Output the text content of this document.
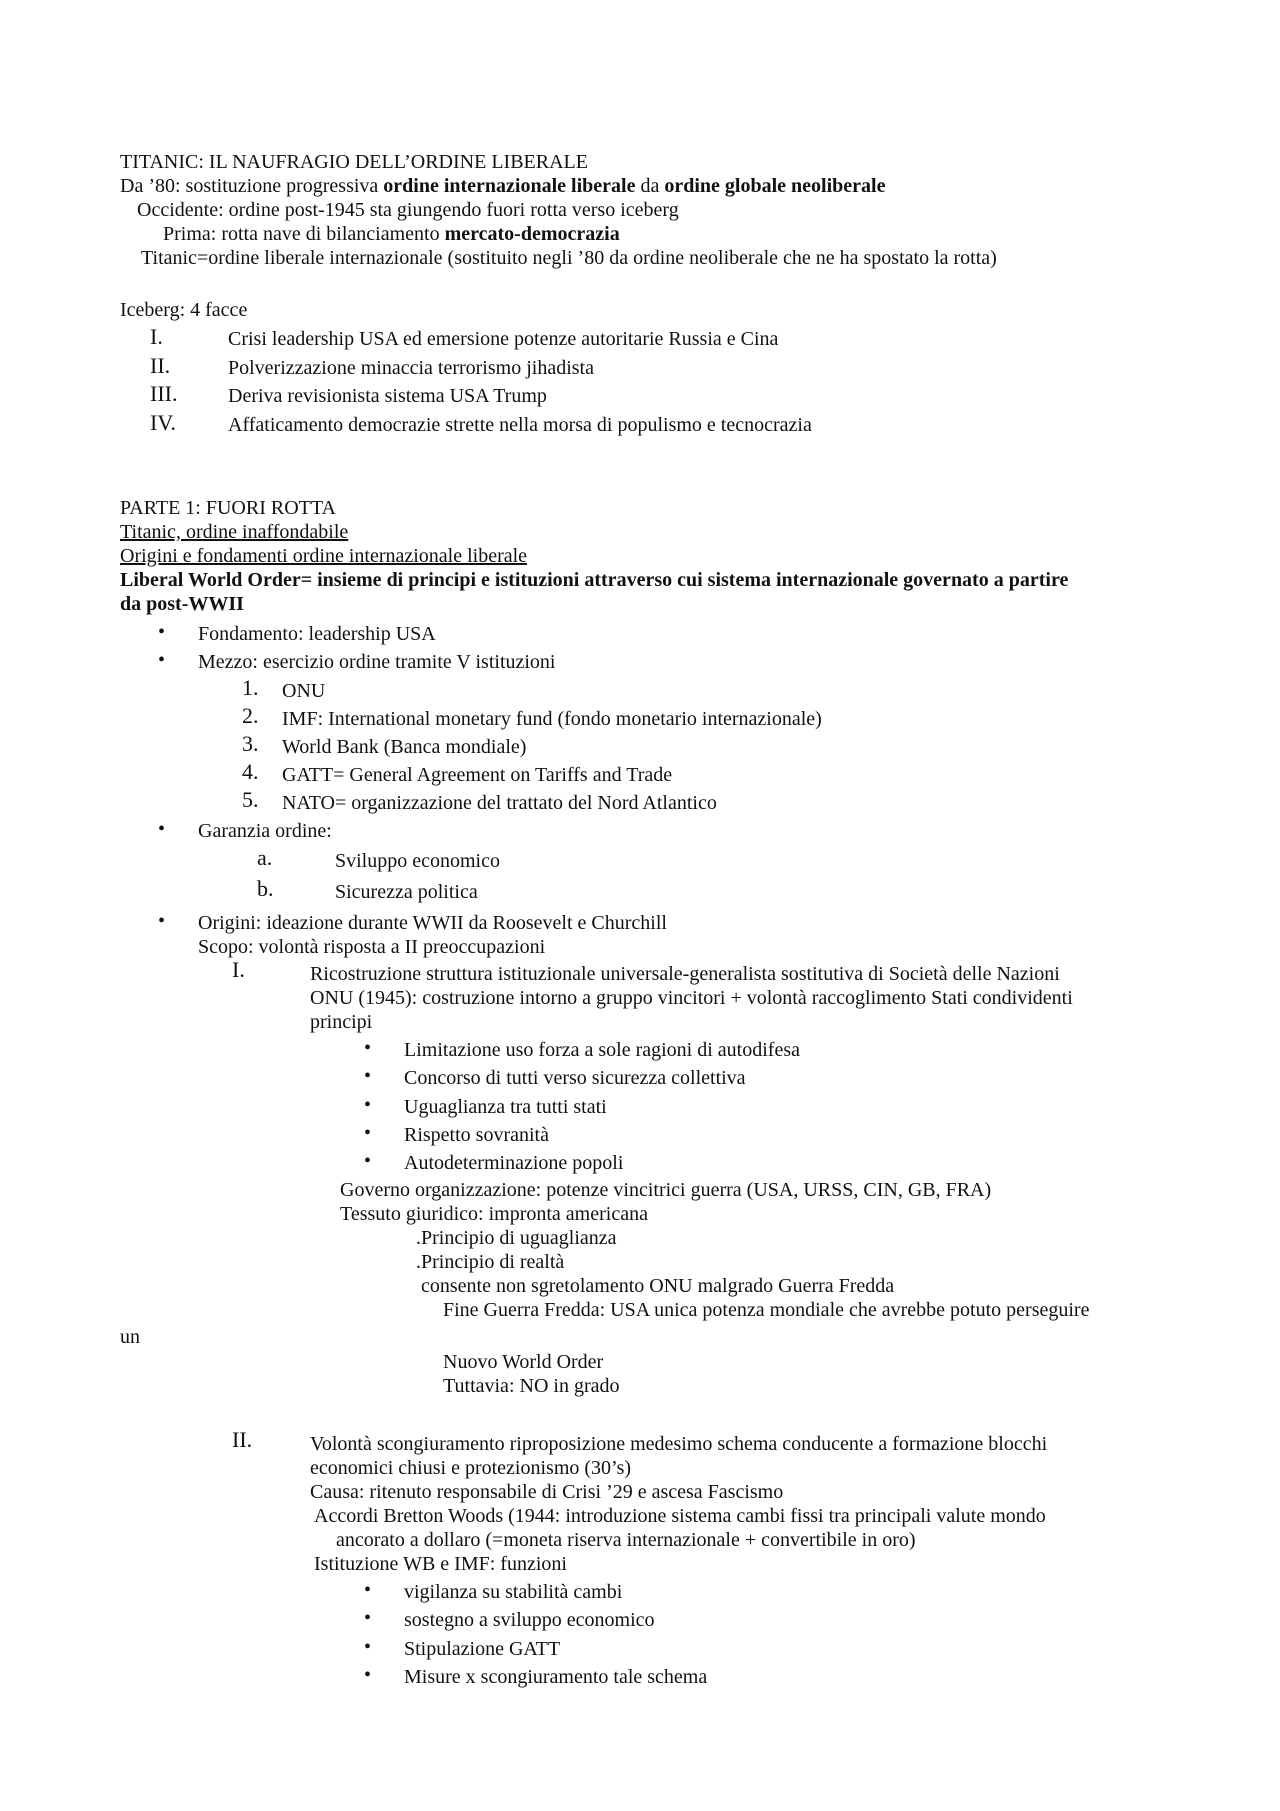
TITANIC: IL NAUFRAGIO DELL’ORDINE LIBERALE
Da ’80: sostituzione progressiva ordine internazionale liberale da ordine globale neoliberale
Occidente: ordine post-1945 sta giungendo fuori rotta verso iceberg
Prima: rotta nave di bilanciamento mercato-democrazia
Titanic=ordine liberale internazionale (sostituito negli ’80 da ordine neoliberale che ne ha spostato la rotta)
Iceberg: 4 facce
I.	Crisi leadership USA ed emersione potenze autoritarie Russia e Cina
II.	Polverizzazione minaccia terrorismo jihadista
III.	Deriva revisionista sistema USA Trump
IV.	Affaticamento democrazie strette nella morsa di populismo e tecnocrazia
PARTE 1: FUORI ROTTA
Titanic, ordine inaffondabile
Origini e fondamenti ordine internazionale liberale
Liberal World Order= insieme di principi e istituzioni attraverso cui sistema internazionale governato a partire
da post-WWII
• Fondamento: leadership USA
• Mezzo: esercizio ordine tramite V istituzioni
1. ONU
2. IMF: International monetary fund (fondo monetario internazionale)
3. World Bank (Banca mondiale)
4. GATT= General Agreement on Tariffs and Trade
5. NATO= organizzazione del trattato del Nord Atlantico
• Garanzia ordine:
a.	Sviluppo economico
b.	Sicurezza politica
• Origini: ideazione durante WWII da Roosevelt e Churchill
Scopo: volontà risposta a II preoccupazioni
I.	Ricostruzione struttura istituzionale universale-generalista sostitutiva di Società delle Nazioni
ONU (1945): costruzione intorno a gruppo vincitori + volontà raccoglimento Stati condividenti
principi
• Limitazione uso forza a sole ragioni di autodifesa
• Concorso di tutti verso sicurezza collettiva
• Uguaglianza tra tutti stati
• Rispetto sovranità
• Autodeterminazione popoli
Governo organizzazione: potenze vincitrici guerra (USA, URSS, CIN, GB, FRA)
Tessuto giuridico: impronta americana
.Principio di uguaglianza
.Principio di realtà
consente non sgretolamento ONU malgrado Guerra Fredda
Fine Guerra Fredda: USA unica potenza mondiale che avrebbe potuto perseguire
un
Nuovo World Order
Tuttavia: NO in grado
II.	Volontà scongiuramento riproposizione medesimo schema conducente a formazione blocchi
economici chiusi e protezionismo (30’s)
Causa: ritenuto responsabile di Crisi ’29 e ascesa Fascismo
Accordi Bretton Woods (1944: introduzione sistema cambi fissi tra principali valute mondo
ancorato a dollaro (=moneta riserva internazionale + convertibile in oro)
Istituzione WB e IMF: funzioni
• vigilanza su stabilità cambi
• sostegno a sviluppo economico
• Stipulazione GATT
• Misure x scongiuramento tale schema
